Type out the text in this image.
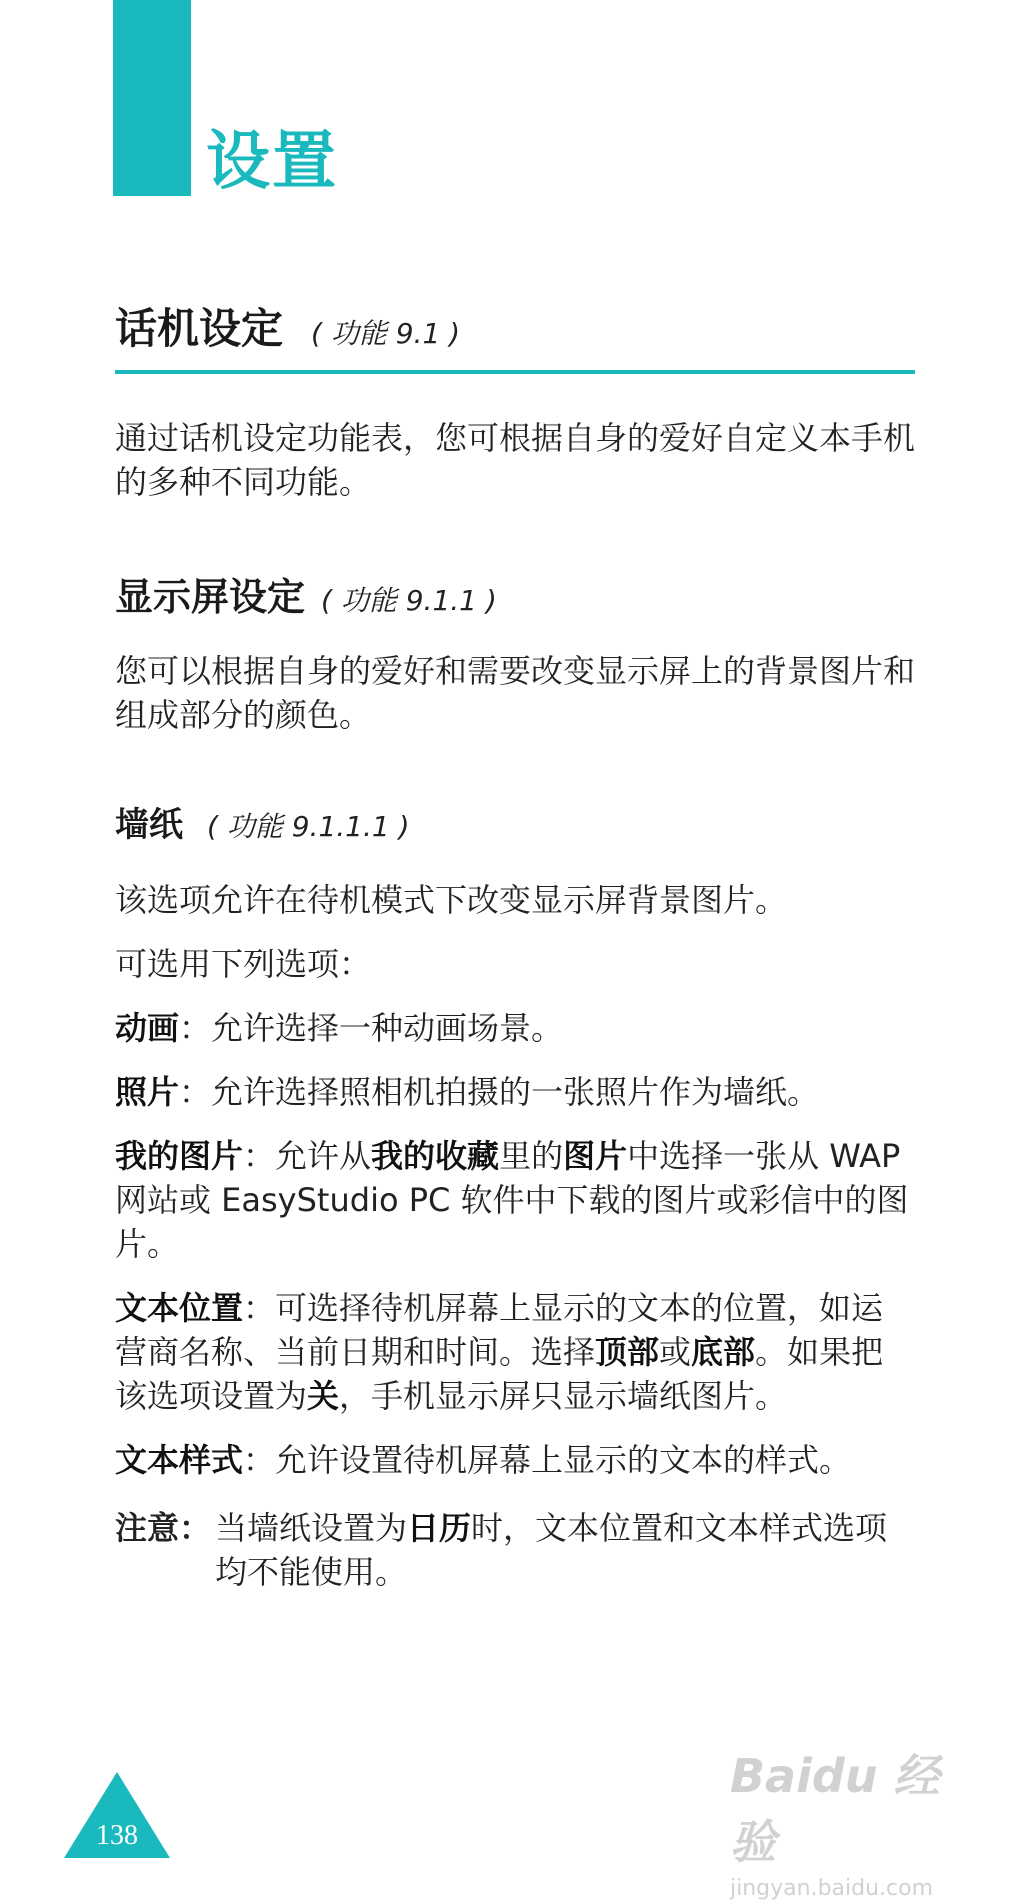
设置
话机设定 ( 功能 9.1 )

通过话机设定功能表，您可根据自身的爱好自定义本手机的多种不同功能。

显示屏设定 ( 功能 9.1.1 )

您可以根据自身的爱好和需要改变显示屏上的背景图片和组成部分的颜色。

墙纸 ( 功能 9.1.1.1 )

该选项允许在待机模式下改变显示屏背景图片。

可选用下列选项：

动画：允许选择一种动画场景。

照片：允许选择照相机拍摄的一张照片作为墙纸。

我的图片：允许从我的收藏里的图片中选择一张从 WAP 网站或 EasyStudio PC 软件中下载的图片或彩信中的图片。

文本位置：可选择待机屏幕上显示的文本的位置，如运营商名称、当前日期和时间。选择顶部或底部。如果把该选项设置为关，手机显示屏只显示墙纸图片。

文本样式：允许设置待机屏幕上显示的文本的样式。

注意： 当墙纸设置为日历时，文本位置和文本样式选项均不能使用。
138
Baidu 经验
jingyan.baidu.com
